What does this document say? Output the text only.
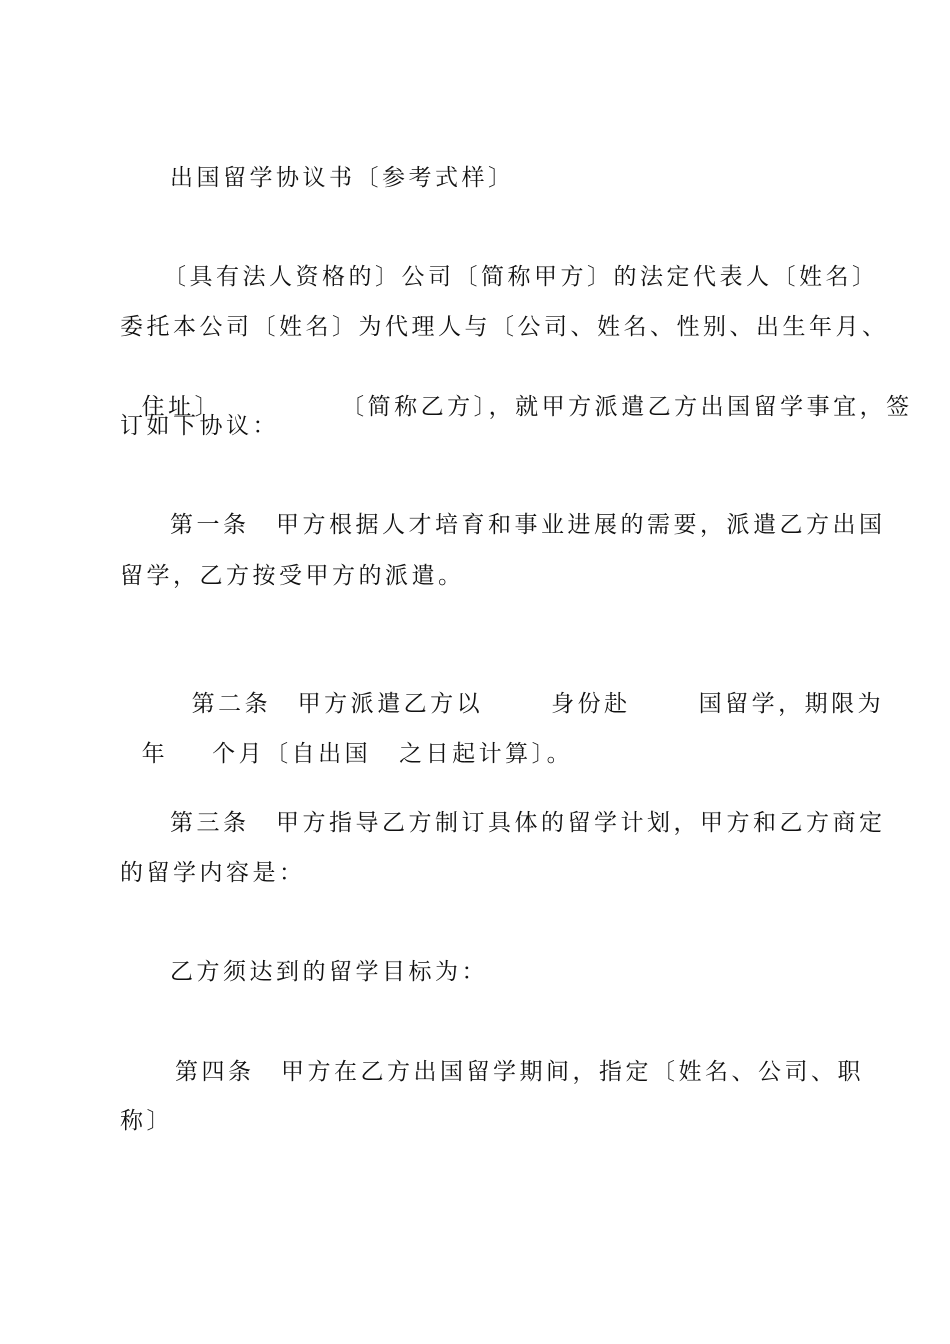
出国留学协议书〔参考式样〕
〔具有法人资格的〕公司〔简称甲方〕的法定代表人〔姓名〕
委托本公司〔姓名〕为代理人与〔公司、姓名、性别、出生年月、

住址〕	〔简称乙方〕，就甲方派遣乙方出国留学事宜，签

订如下协议：
第一条　甲方根据人才培育和事业进展的需要，派遣乙方出国
留学，乙方按受甲方的派遣。

第二条　甲方派遣乙方以	身份赴	国留学，期限为

年 个月〔自出国 之日起计算〕。

第三条　甲方指导乙方制订具体的留学计划，甲方和乙方商定
的留学内容是：
乙方须达到的留学目标为：
第四条　甲方在乙方出国留学期间，指定〔姓名、公司、职
称〕
